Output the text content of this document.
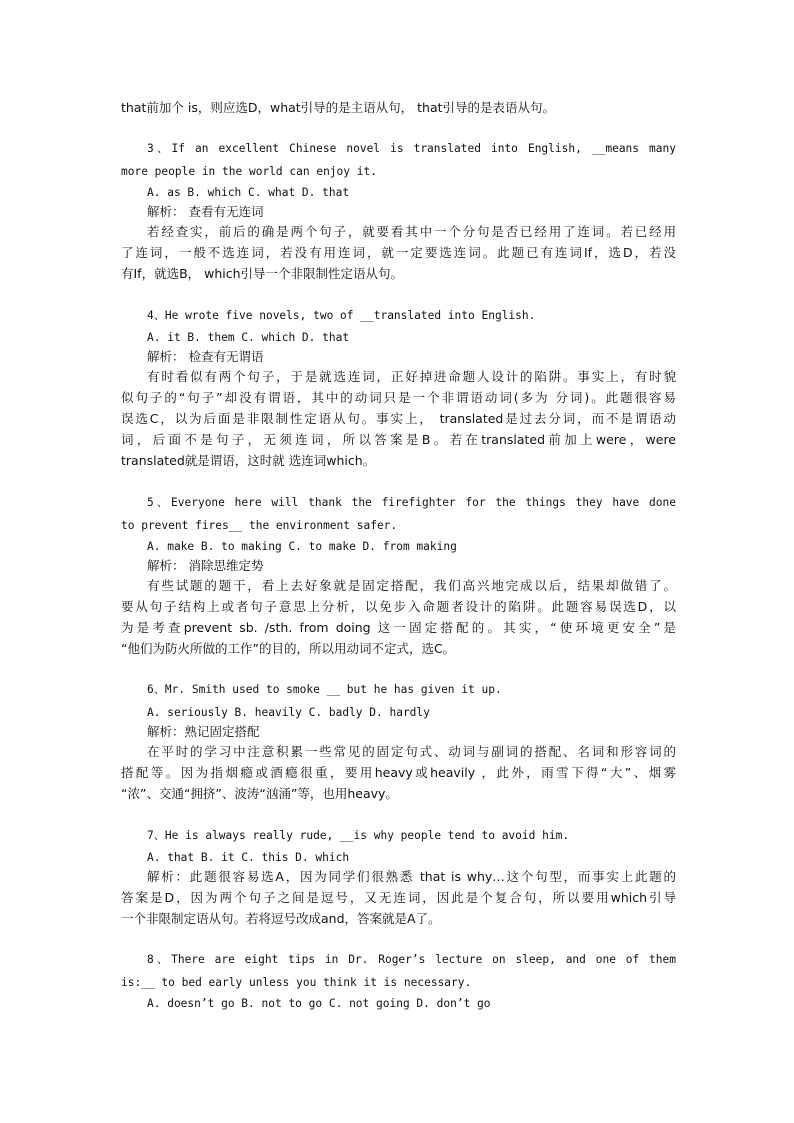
that前加个 is，则应选D，what引导的是主语从句， that引导的是表语从句。
3、If an excellent Chinese novel is translated into English, __means many
more people in the world can enjoy it.
A. as B. which C. what D. that
解析： 查看有无连词
若经查实，前后的确是两个句子，就要看其中一个分句是否已经用了连词。若已经用
了连词，一般不选连词，若没有用连词，就一定要选连词。此题已有连词If，选D，若没
有If，就选B， which引导一个非限制性定语从句。
4、He wrote five novels, two of __translated into English.
A. it B. them C. which D. that
解析： 检查有无谓语
有时看似有两个句子，于是就选连词，正好掉进命题人设计的陷阱。事实上，有时貌
似句子的“句子”却没有谓语，其中的动词只是一个非谓语动词(多为 分词)。此题很容易
误选C，以为后面是非限制性定语从句。事实上， translated是过去分词，而不是谓语动
词，后面不是句子，无须连词，所以答案是B。若在translated前加上were，were
translated就是谓语，这时就 选连词which。
5、Everyone here will thank the firefighter for the things they have done
to prevent fires__ the environment safer.
A. make B. to making C. to make D. from making
解析： 消除思维定势
有些试题的题干，看上去好象就是固定搭配，我们高兴地完成以后，结果却做错了。
要从句子结构上或者句子意思上分析，以免步入命题者设计的陷阱。此题容易误选D，以
为是考查prevent sb. /sth. from doing 这一固定搭配的。其实，“使环境更安全”是
“他们为防火所做的工作”的目的，所以用动词不定式，选C。
6、Mr. Smith used to smoke __ but he has given it up.
A. seriously B. heavily C. badly D. hardly
解析：熟记固定搭配
在平时的学习中注意积累一些常见的固定句式、动词与副词的搭配、名词和形容词的
搭配等。因为指烟瘾或酒瘾很重，要用heavy或heavily ，此外，雨雪下得“大”、烟雾
“浓”、交通“拥挤”、波涛“汹涌”等，也用heavy。
7、He is always really rude, __is why people tend to avoid him.
A. that B. it C. this D. which
解析：此题很容易选A，因为同学们很熟悉 that is why…这个句型，而事实上此题的
答案是D，因为两个句子之间是逗号，又无连词，因此是个复合句，所以要用which引导
一个非限制定语从句。若将逗号改成and，答案就是A了。
8、There are eight tips in Dr. Roger’s lecture on sleep, and one of them
is:__ to bed early unless you think it is necessary.
A. doesn’t go B. not to go C. not going D. don’t go
